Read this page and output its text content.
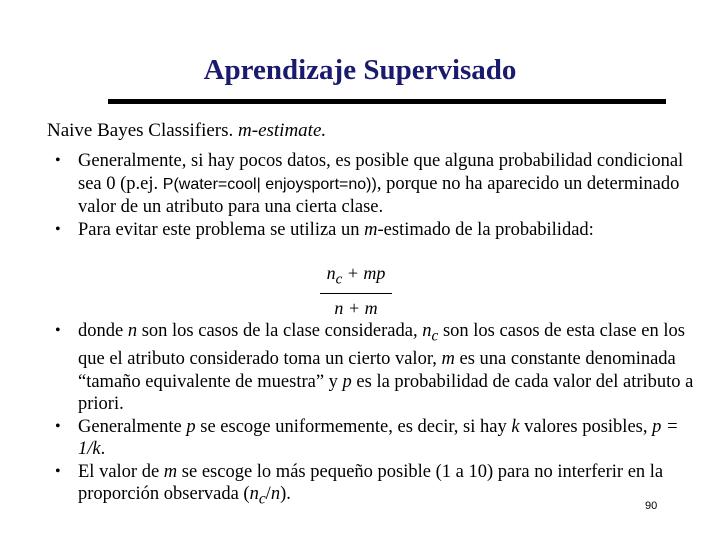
Aprendizaje Supervisado
Naive Bayes Classifiers. m-estimate.
• Generalmente, si hay pocos datos, es posible que alguna probabilidad condicional sea 0 (p.ej. P(water=cool| enjoysport=no)), porque no ha aparecido un determinado valor de un atributo para una cierta clase.
• Para evitar este problema se utiliza un m-estimado de la probabilidad:
$n_c$ + mp
n + m
• donde n son los casos de la clase considerada, $n_c$ son los casos de esta clase en los que el atributo considerado toma un cierto valor, m es una constante denominada “tamaño equivalente de muestra” y p es la probabilidad de cada valor del atributo a priori.
• Generalmente p se escoge uniformemente, es decir, si hay k valores posibles, p = 1/k.
• El valor de m se escoge lo más pequeño posible (1 a 10) para no interferir en la proporción observada $(n_c/n)$.
90
